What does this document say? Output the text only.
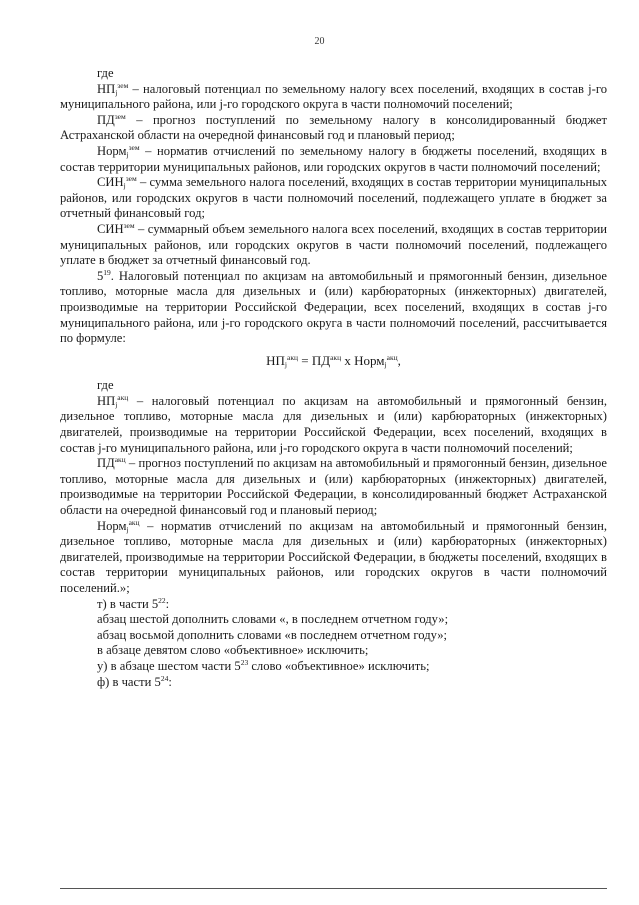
20

где

$НП_j^{зем}$ – налоговый потенциал по земельному налогу всех поселений, входящих в состав j-го муниципального района, или j-го городского округа в части полномочий поселений;

$ПД^{зем}$ – прогноз поступлений по земельному налогу в консолидированный бюджет Астраханской области на очередной финансовый год и плановый период;

Норм$_j^{зем}$ – норматив отчислений по земельному налогу в бюджеты поселений, входящих в состав территории муниципальных районов, или городских округов в части полномочий поселений;

$СИН_j^{зем}$ – сумма земельного налога поселений, входящих в состав территории муниципальных районов, или городских округов в части полномочий поселений, подлежащего уплате в бюджет за отчетный финансовый год;

$СИН^{зем}$ – суммарный объем земельного налога всех поселений, входящих в состав территории муниципальных районов, или городских округов в части полномочий поселений, подлежащего уплате в бюджет за отчетный финансовый год.

$5^{19}$. Налоговый потенциал по акцизам на автомобильный и прямогонный бензин, дизельное топливо, моторные масла для дизельных и (или) карбюраторных (инжекторных) двигателей, производимые на территории Российской Федерации, всех поселений, входящих в состав j-го муниципального района, или j-го городского округа в части полномочий поселений, рассчитывается по формуле:

$НП_j^{акц} = ПД^{акц}$ х Норм$_j^{акц}$,

где

$НП_j^{акц}$ – налоговый потенциал по акцизам на автомобильный и прямогонный бензин, дизельное топливо, моторные масла для дизельных и (или) карбюраторных (инжекторных) двигателей, производимые на территории Российской Федерации, всех поселений, входящих в состав j-го муниципального района, или j-го городского округа в части полномочий поселений;

$ПД^{акц}$ – прогноз поступлений по акцизам на автомобильный и прямогонный бензин, дизельное топливо, моторные масла для дизельных и (или) карбюраторных (инжекторных) двигателей, производимые на территории Российской Федерации, в консолидированный бюджет Астраханской области на очередной финансовый год и плановый период;

Норм$_j^{акц}$ – норматив отчислений по акцизам на автомобильный и прямогонный бензин, дизельное топливо, моторные масла для дизельных и (или) карбюраторных (инжекторных) двигателей, производимые на территории Российской Федерации, в бюджеты поселений, входящих в состав территории муниципальных районов, или городских округов в части полномочий поселений.»;

т) в части $5^{22}$:

абзац шестой дополнить словами «, в последнем отчетном году»;

абзац восьмой дополнить словами «в последнем отчетном году»;

в абзаце девятом слово «объективное» исключить;

у) в абзаце шестом части $5^{23}$ слово «объективное» исключить;

ф) в части $5^{24}$:
